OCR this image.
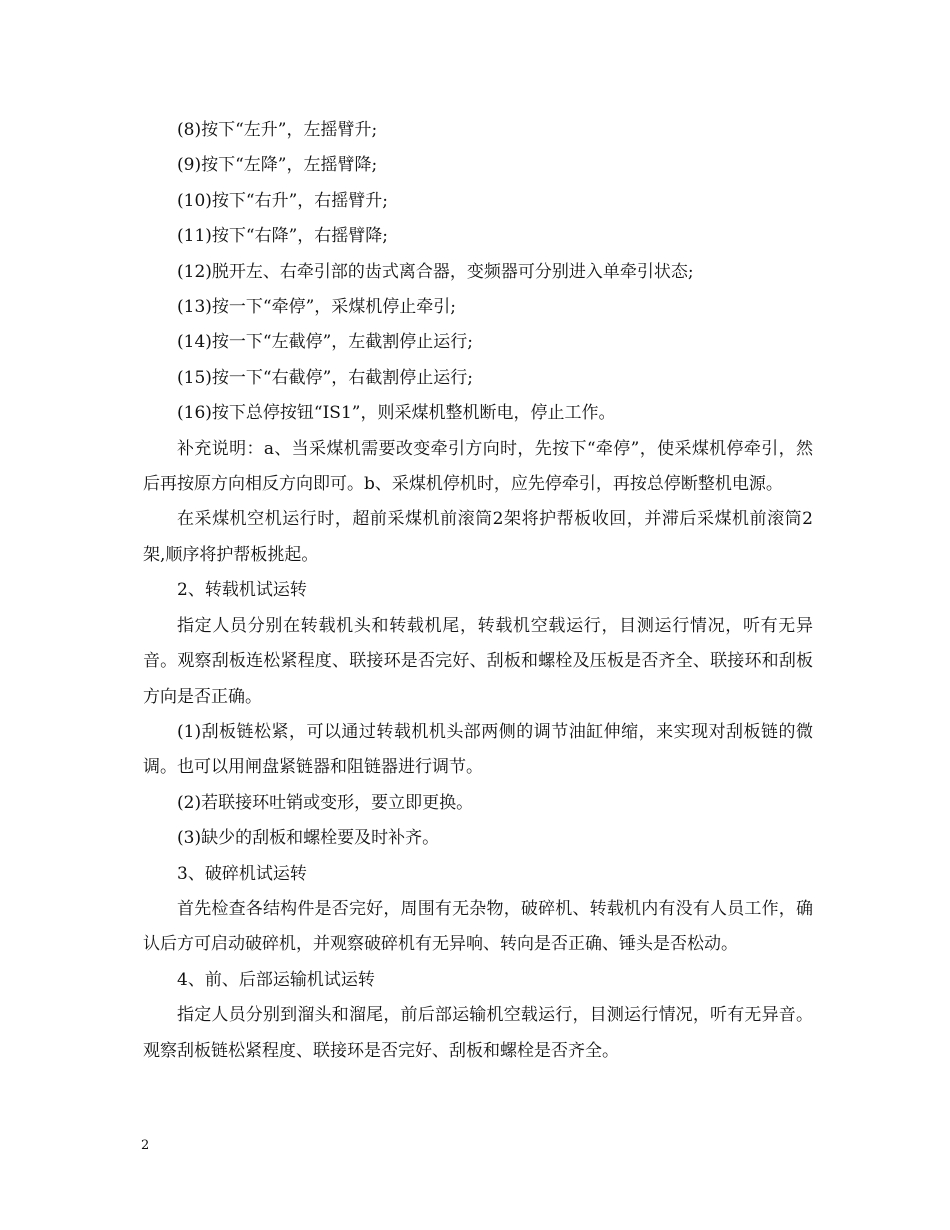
(8)按下“左升”，左摇臂升;

(9)按下“左降”，左摇臂降;

(10)按下“右升”，右摇臂升;

(11)按下“右降”，右摇臂降;

(12)脱开左、右牵引部的齿式离合器，变频器可分别进入单牵引状态;

(13)按一下“牵停”，采煤机停止牵引;

(14)按一下“左截停”，左截割停止运行;

(15)按一下“右截停”，右截割停止运行;

(16)按下总停按钮“IS1”，则采煤机整机断电，停止工作。

补充说明：a、当采煤机需要改变牵引方向时，先按下“牵停”，使采煤机停牵引，然后再按原方向相反方向即可。b、采煤机停机时，应先停牵引，再按总停断整机电源。

在采煤机空机运行时，超前采煤机前滚筒2架将护帮板收回，并滞后采煤机前滚筒2架,顺序将护帮板挑起。

2、转载机试运转

指定人员分别在转载机头和转载机尾，转载机空载运行，目测运行情况，听有无异音。观察刮板连松紧程度、联接环是否完好、刮板和螺栓及压板是否齐全、联接环和刮板方向是否正确。

(1)刮板链松紧，可以通过转载机机头部两侧的调节油缸伸缩，来实现对刮板链的微调。也可以用闸盘紧链器和阻链器进行调节。

(2)若联接环吐销或变形，要立即更换。

(3)缺少的刮板和螺栓要及时补齐。

3、破碎机试运转

首先检查各结构件是否完好，周围有无杂物，破碎机、转载机内有没有人员工作，确认后方可启动破碎机，并观察破碎机有无异响、转向是否正确、锤头是否松动。

4、前、后部运输机试运转

指定人员分别到溜头和溜尾，前后部运输机空载运行，目测运行情况，听有无异音。观察刮板链松紧程度、联接环是否完好、刮板和螺栓是否齐全。

2
